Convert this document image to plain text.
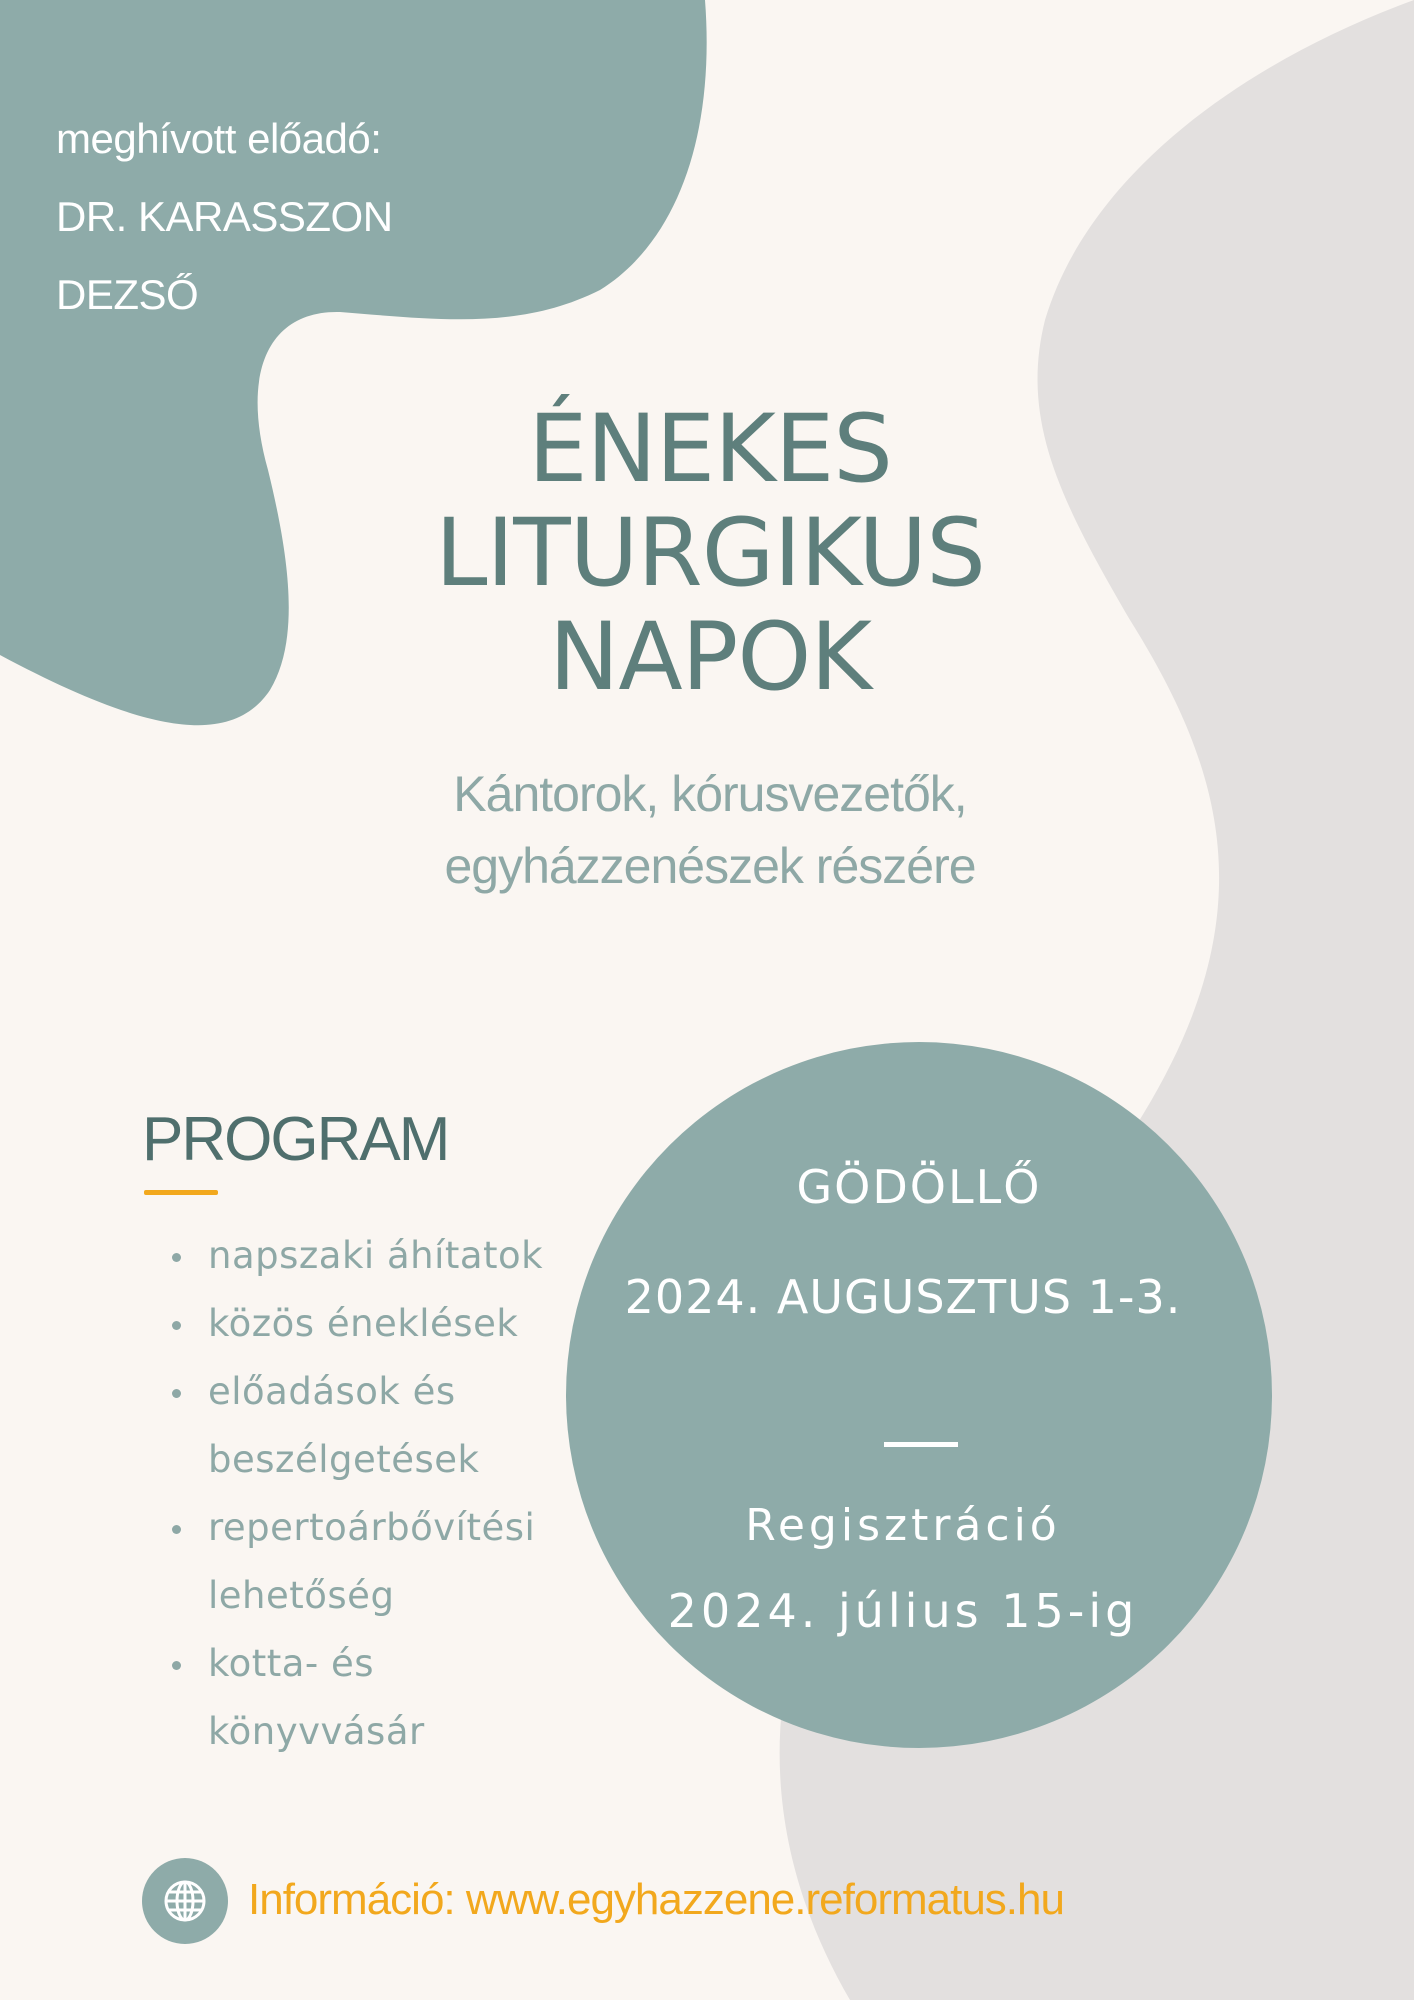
meghívott előadó:
DR. KARASSZON
DEZSŐ
ÉNEKES
LITURGIKUS
NAPOK
Kántorok, kórusvezetők,
egyházzenészek részére
PROGRAM
napszaki áhítatok
közös éneklések
előadások és
beszélgetések
repertoárbővítési
lehetőség
kotta- és
könyvvásár
GÖDÖLLŐ
2024. AUGUSZTUS 1-3.
Regisztráció
2024. július 15-ig
Információ: www.egyhazzene.reformatus.hu
